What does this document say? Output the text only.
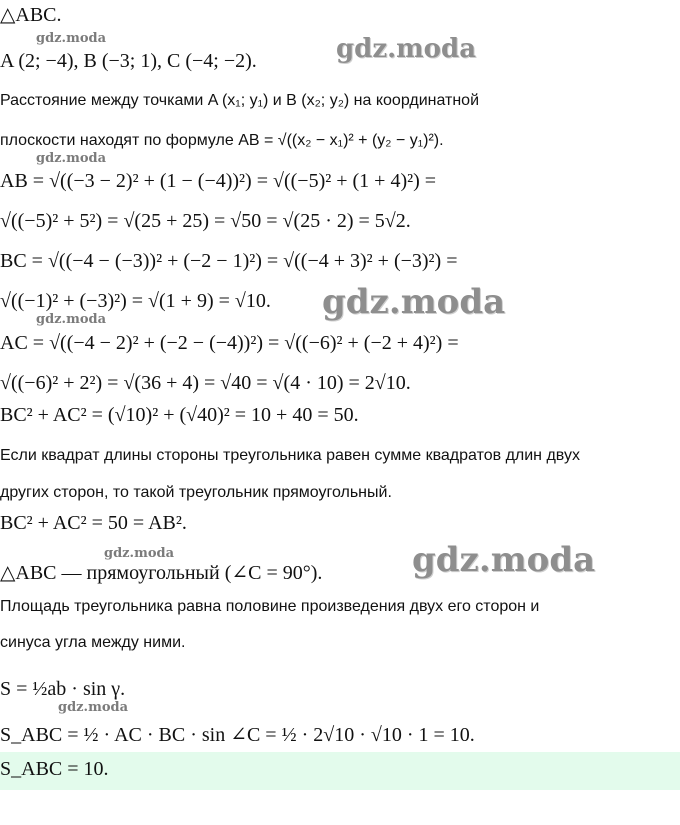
△ABC.
A (2; −4), B (−3; 1), C (−4; −2).
Расстояние между точками A (x₁; y₁) и B (x₂; y₂) на координатной
плоскости находят по формуле AB = √((x₂ − x₁)² + (y₂ − y₁)²).
AB = √((−3 − 2)² + (1 − (−4))²) = √((−5)² + (1 + 4)²) =
√((−5)² + 5²) = √(25 + 25) = √50 = √(25 · 2) = 5√2.
BC = √((−4 − (−3))² + (−2 − 1)²) = √((−4 + 3)² + (−3)²) =
√((−1)² + (−3)²) = √(1 + 9) = √10.
AC = √((−4 − 2)² + (−2 − (−4))²) = √((−6)² + (−2 + 4)²) =
√((−6)² + 2²) = √(36 + 4) = √40 = √(4 · 10) = 2√10.
BC² + AC² = (√10)² + (√40)² = 10 + 40 = 50.
Если квадрат длины стороны треугольника равен сумме квадратов длин двух
других сторон, то такой треугольник прямоугольный.
BC² + AC² = 50 = AB².
△ABC — прямоугольный (∠C = 90°).
Площадь треугольника равна половине произведения двух его сторон и
синуса угла между ними.
S = ½ab · sin γ.
S_ABC = ½ · AC · BC · sin ∠C = ½ · 2√10 · √10 · 1 = 10.
S_ABC = 10.
gdz.moda	gdz.moda
gdz.moda
gdz.moda
gdz.moda
gdz.moda	gdz.moda
gdz.moda
